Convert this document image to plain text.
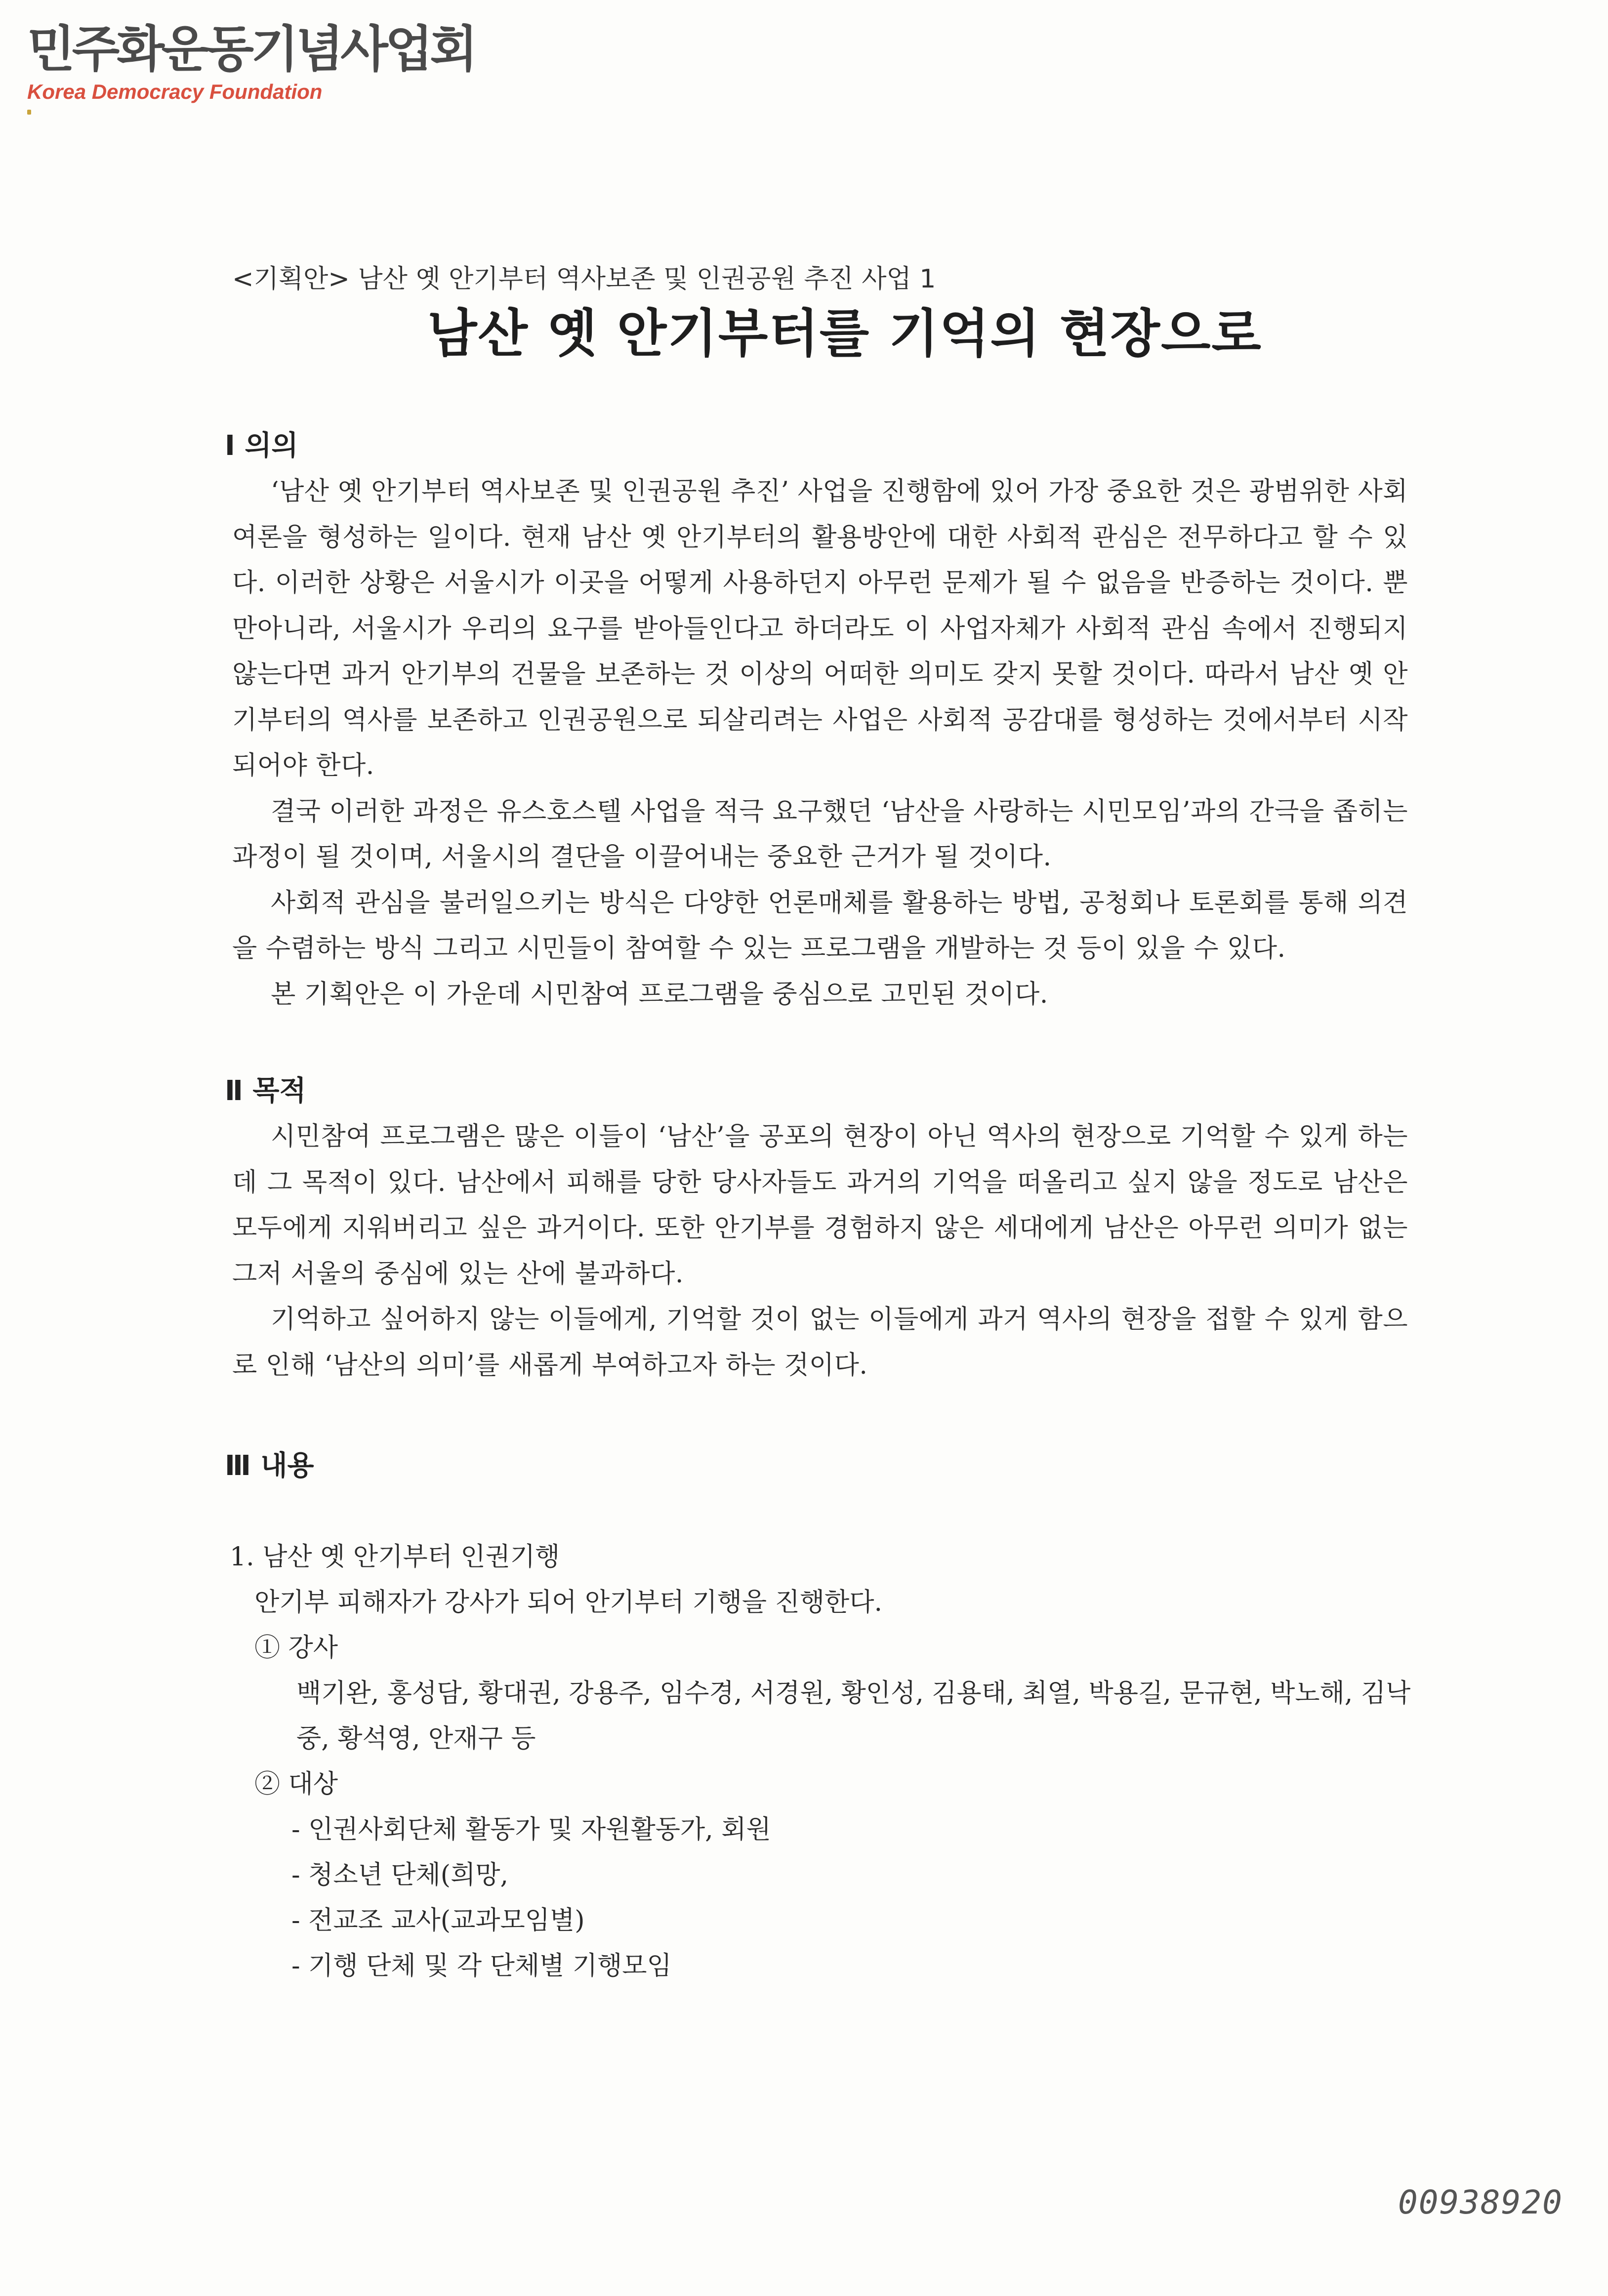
민주화운동기념사업회
Korea Democracy Foundation
<기획안> 남산 옛 안기부터 역사보존 및 인권공원 추진 사업 1
남산 옛 안기부터를 기억의 현장으로
Ⅰ 의의

‘남산 옛 안기부터 역사보존 및 인권공원 추진’ 사업을 진행함에 있어 가장 중요한 것은 광범위한 사회여론을 형성하는 일이다. 현재 남산 옛 안기부터의 활용방안에 대한 사회적 관심은 전무하다고 할 수 있다. 이러한 상황은 서울시가 이곳을 어떻게 사용하던지 아무런 문제가 될 수 없음을 반증하는 것이다. 뿐만아니라, 서울시가 우리의 요구를 받아들인다고 하더라도 이 사업자체가 사회적 관심 속에서 진행되지 않는다면 과거 안기부의 건물을 보존하는 것 이상의 어떠한 의미도 갖지 못할 것이다. 따라서 남산 옛 안기부터의 역사를 보존하고 인권공원으로 되살리려는 사업은 사회적 공감대를 형성하는 것에서부터 시작되어야 한다.

결국 이러한 과정은 유스호스텔 사업을 적극 요구했던 ‘남산을 사랑하는 시민모임’과의 간극을 좁히는 과정이 될 것이며, 서울시의 결단을 이끌어내는 중요한 근거가 될 것이다.

사회적 관심을 불러일으키는 방식은 다양한 언론매체를 활용하는 방법, 공청회나 토론회를 통해 의견을 수렴하는 방식 그리고 시민들이 참여할 수 있는 프로그램을 개발하는 것 등이 있을 수 있다.

본 기획안은 이 가운데 시민참여 프로그램을 중심으로 고민된 것이다.

Ⅱ 목적

시민참여 프로그램은 많은 이들이 ‘남산’을 공포의 현장이 아닌 역사의 현장으로 기억할 수 있게 하는데 그 목적이 있다. 남산에서 피해를 당한 당사자들도 과거의 기억을 떠올리고 싶지 않을 정도로 남산은 모두에게 지워버리고 싶은 과거이다. 또한 안기부를 경험하지 않은 세대에게 남산은 아무런 의미가 없는 그저 서울의 중심에 있는 산에 불과하다.

기억하고 싶어하지 않는 이들에게, 기억할 것이 없는 이들에게 과거 역사의 현장을 접할 수 있게 함으로 인해 ‘남산의 의미’를 새롭게 부여하고자 하는 것이다.

Ⅲ 내용
1. 남산 옛 안기부터 인권기행
안기부 피해자가 강사가 되어 안기부터 기행을 진행한다.
① 강사
백기완, 홍성담, 황대권, 강용주, 임수경, 서경원, 황인성, 김용태, 최열, 박용길, 문규현, 박노해, 김낙중, 황석영, 안재구 등
② 대상
- 인권사회단체 활동가 및 자원활동가, 회원
- 청소년 단체(희망,
- 전교조 교사(교과모임별)
- 기행 단체 및 각 단체별 기행모임
00938920
